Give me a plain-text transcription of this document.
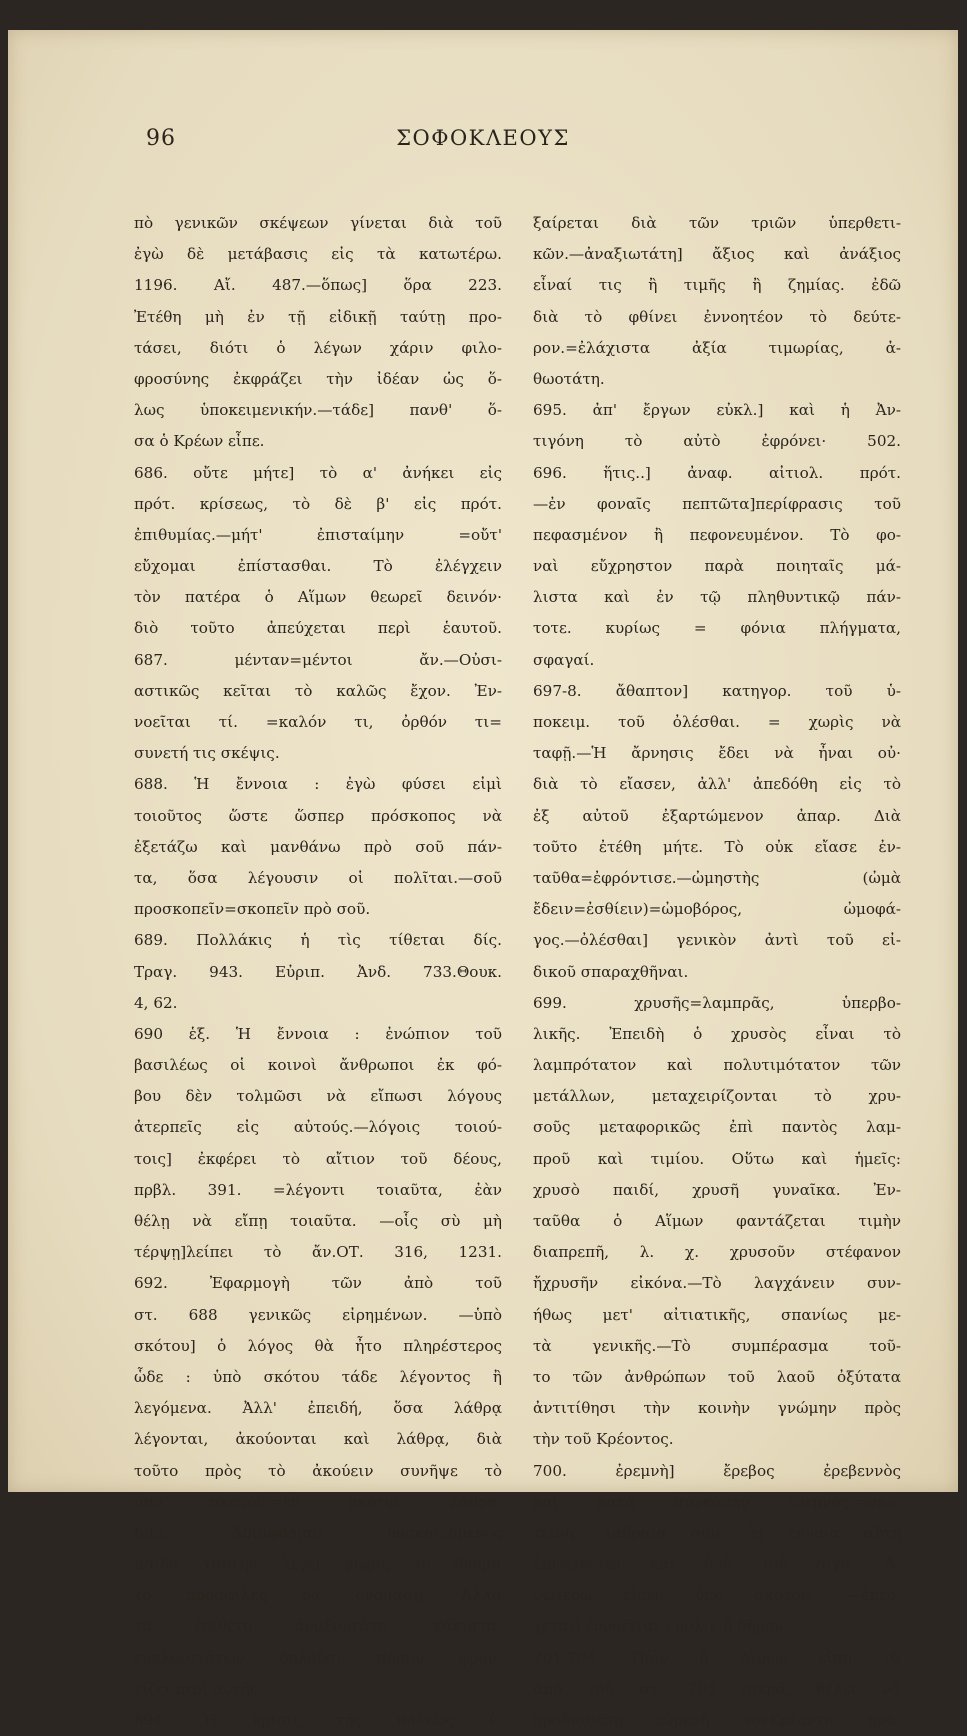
96	ΣΟΦΟΚΛΕΟΥΣ
πὸ γενικῶν σκέψεων γίνεται διὰ τοῦ
ἐγὼ δὲ μετάβασις εἰς τὰ κατωτέρω.
1196. Αἴ. 487.—ὅπως] ὅρα 223.
Ἐτέθη μὴ ἐν τῇ εἰδικῇ ταύτῃ προ-
τάσει, διότι ὁ λέγων χάριν φιλο-
φροσύνης ἐκφράζει τὴν ἰδέαν ὡς ὅ-
λως ὑποκειμενικήν.—τάδε] πανθ' ὅ-
σα ὁ Κρέων εἶπε.
686. οὔτε μήτε] τὸ α' ἀνήκει εἰς
πρότ. κρίσεως, τὸ δὲ β' εἰς πρότ.
ἐπιθυμίας.—μήτ' ἐπισταίμην =οὔτ'
εὔχομαι ἐπίστασθαι. Τὸ ἐλέγχειν
τὸν πατέρα ὁ Αἵμων θεωρεῖ δεινόν·
διὸ τοῦτο ἀπεύχεται περὶ ἑαυτοῦ.
687. μένταν=μέντοι ἄν.—Οὐσι-
αστικῶς κεῖται τὸ καλῶς ἔχον. Ἐν-
νοεῖται τί. =καλόν τι, ὀρθόν τι=
συνετή τις σκέψις.
688. Ἡ ἔννοια : ἐγὼ φύσει εἰμὶ
τοιοῦτος ὥστε ὥσπερ πρόσκοπος νὰ
ἐξετάζω καὶ μανθάνω πρὸ σοῦ πάν-
τα, ὅσα λέγουσιν οἱ πολῖται.—σοῦ
προσκοπεῖν=σκοπεῖν πρὸ σοῦ.
689. Πολλάκις ἡ τὶς τίθεται δίς.
Τραγ. 943. Εὐριπ. Ἀνδ. 733.Θουκ.
4, 62.
690 ἑξ. Ἡ ἔννοια : ἐνώπιον τοῦ
βασιλέως οἱ κοινοὶ ἄνθρωποι ἐκ φό-
βου δὲν τολμῶσι νὰ εἴπωσι λόγους
ἀτερπεῖς εἰς αὐτούς.—λόγοις τοιού-
τοις] ἐκφέρει τὸ αἴτιον τοῦ δέους,
πρβλ. 391. =λέγοντι τοιαῦτα, ἐὰν
θέλῃ νὰ εἴπῃ τοιαῦτα. —οἷς σὺ μὴ
τέρψῃ]λείπει τὸ ἄν.ΟΤ. 316, 1231.
692. Ἐφαρμογὴ τῶν ἀπὸ τοῦ
στ. 688 γενικῶς εἰρημένων. —ὑπὸ
σκότου] ὁ λόγος θὰ ἦτο πληρέστερος
ὧδε : ὑπὸ σκότου τάδε λέγοντος ἢ
λεγόμενα. Ἀλλ' ἐπειδή, ὅσα λάθρᾳ
λέγονται, ἀκούονται καὶ λάθρᾳ, διὰ
τοῦτο πρὸς τὸ ἀκούειν συνῆψε τὸ
ὑπὸ σκότου.=ἐν σκότῳ, λάθρᾳ.
693. Ἀδιαφορίαν ὑποκρινόμενος
παῖδα ταύτην λέγει χωρὶς τὸ ὄνομα
τὸ προσφιλὲς νὰ ὀνομάσῃ. Ἀλλὰ
τὰ ἐπίθετα ἀναξιωτάτη, κάκιστα,
εὐκλεεστάτων δηλοῦσι πόσον φρον-
τίζει περὶ αὐτῆς.
694. Ἡ κρίσις τῆς πόλεως ἐ-
ξαίρεται διὰ τῶν τριῶν ὑπερθετι-
κῶν.—ἀναξιωτάτη] ἄξιος καὶ ἀνάξιος
εἶναί τις ἢ τιμῆς ἢ ζημίας. ἐδῶ
διὰ τὸ φθίνει ἐννοητέον τὸ δεύτε-
ρον.=ἐλάχιστα ἀξία τιμωρίας, ἀ-
θωοτάτη.
695. ἀπ' ἔργων εὐκλ.] καὶ ἡ Ἀν-
τιγόνη τὸ αὐτὸ ἐφρόνει· 502.
696. ἥτις..] ἀναφ. αἰτιολ. πρότ.
—ἐν φοναῖς πεπτῶτα]περίφρασις τοῦ
πεφασμένον ἢ πεφονευμένον. Τὸ φο-
ναὶ εὔχρηστον παρὰ ποιηταῖς μά-
λιστα καὶ ἐν τῷ πληθυντικῷ πάν-
τοτε. κυρίως = φόνια πλήγματα,
σφαγαί.
697-8. ἄθαπτον] κατηγορ. τοῦ ὑ-
ποκειμ. τοῦ ὀλέσθαι. = χωρὶς νὰ
ταφῇ.—Ἡ ἄρνησις ἔδει νὰ ἦναι οὐ·
διὰ τὸ εἴασεν, ἀλλ' ἀπεδόθη εἰς τὸ
ἐξ αὐτοῦ ἐξαρτώμενον ἀπαρ. Διὰ
τοῦτο ἐτέθη μήτε. Τὸ οὐκ εἴασε ἐν-
ταῦθα=ἐφρόντισε.—ὠμηστὴς (ὠμὰ
ἔδειν=ἐσθίειν)=ὠμοβόρος, ὠμοφά-
γος.—ὀλέσθαι] γενικὸν ἀντὶ τοῦ εἰ-
δικοῦ σπαραχθῆναι.
699. χρυσῆς=λαμπρᾶς, ὑπερβο-
λικῆς. Ἐπειδὴ ὁ χρυσὸς εἶναι τὸ
λαμπρότατον καὶ πολυτιμότατον τῶν
μετάλλων, μεταχειρίζονται τὸ χρυ-
σοῦς μεταφορικῶς ἐπὶ παντὸς λαμ-
προῦ καὶ τιμίου. Οὕτω καὶ ἡμεῖς:
χρυσὸ παιδί, χρυσῆ γυναῖκα. Ἐν-
ταῦθα ὁ Αἵμων φαντάζεται τιμὴν
διαπρεπῆ, λ. χ. χρυσοῦν στέφανον
ἤχρυσῆν εἰκόνα.—Τὸ λαγχάνειν συν-
ήθως μετ' αἰτιατικῆς, σπανίως με-
τὰ γενικῆς.—Τὸ συμπέρασμα τοῦ-
το τῶν ἀνθρώπων τοῦ λαοῦ ὀξύτατα
ἀντιτίθησι τὴν κοινὴν γνώμην πρὸς
τὴν τοῦ Κρέοντος.
700. ἐρεμνὴ] ἔρεβος ἐρεβεννὸς
καὶ κατὰ συγκοπὴν ἐρεμνός.=σκο-
τεινή, λαθραία σου. Ἡ ἔννοια αὕτη
ἐπιτείνεται καὶ ὑπὸ τοῦ σῖγα. Ἀ-
νωτέρω εἶπεν ὑπὸ σκότου. —ἐπέρ-
χεται] ἐννοεῖται : πόλιν ἢ δῆμον.
701-704. Πρὶν ὁ Αἵμων εἴπῃ τὰ
ἀπὸ τοῦ στ. 705 πικρά, θέλει νὰ
προδιαθέσῃ εὐμενῆ τὸνΚρέοντα πρὸ-
